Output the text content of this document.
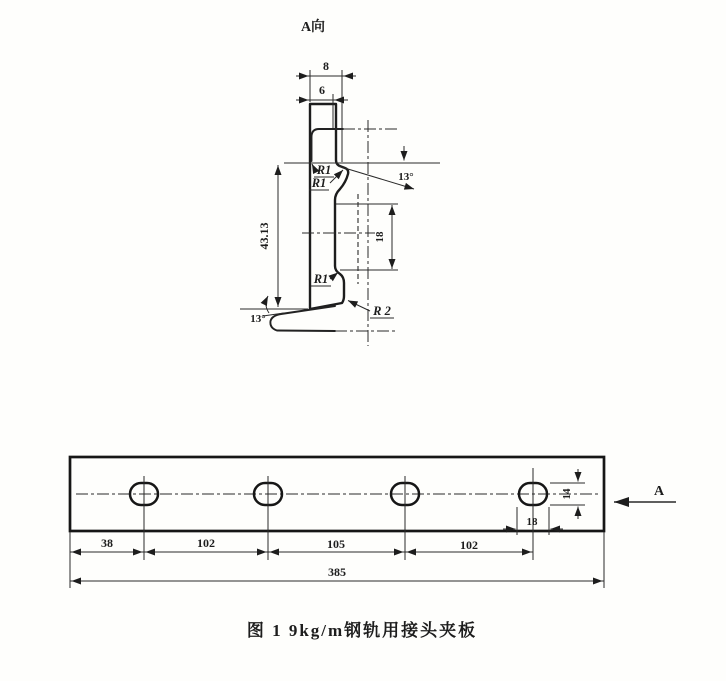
A向
8
6
43.13	18
13°
13°
R1
R1
R1
R 2
14
18
A
38	102	105	102
385
图 1 9kg/m钢轨用接头夹板
